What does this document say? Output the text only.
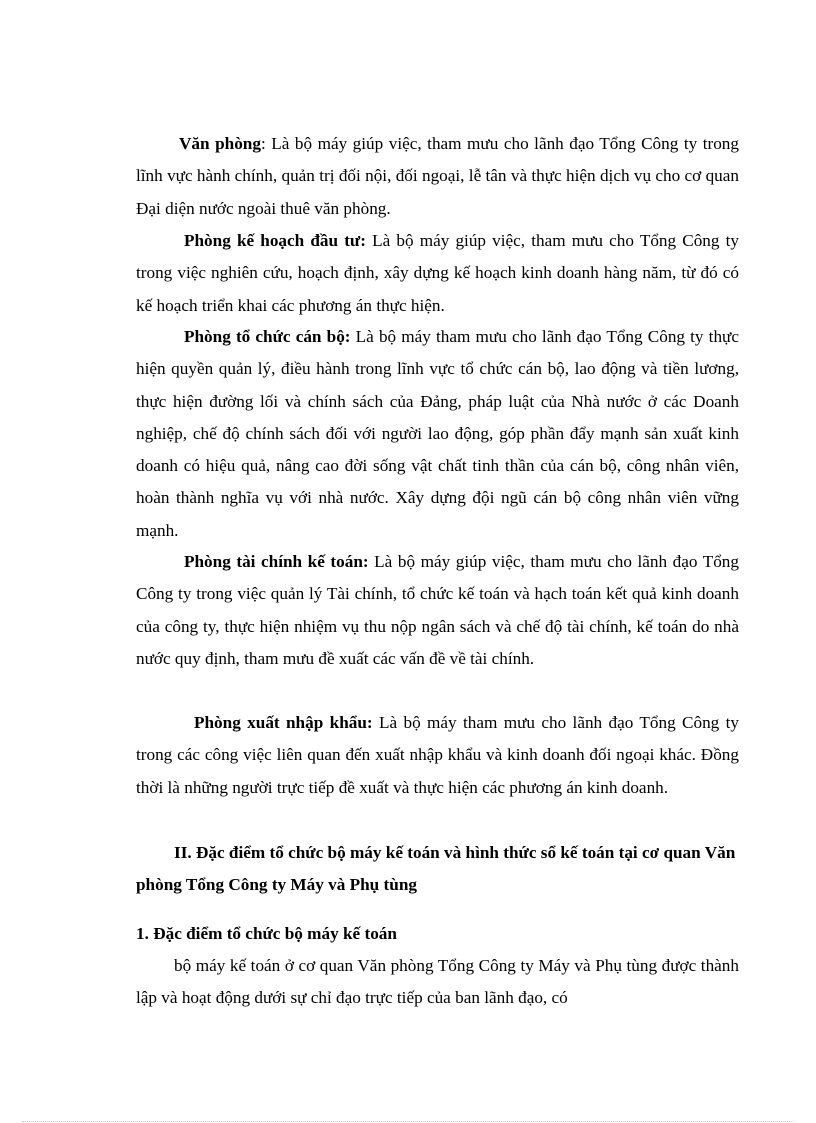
Văn phòng: Là bộ máy giúp việc, tham mưu cho lãnh đạo Tổng Công ty trong lĩnh vực hành chính, quản trị đối nội, đối ngoại, lễ tân và thực hiện dịch vụ cho cơ quan Đại diện nước ngoài thuê văn phòng.

Phòng kế hoạch đầu tư: Là bộ máy giúp việc, tham mưu cho Tổng Công ty trong việc nghiên cứu, hoạch định, xây dựng kế hoạch kinh doanh hàng năm, từ đó có kế hoạch triển khai các phương án thực hiện.

Phòng tổ chức cán bộ: Là bộ máy tham mưu cho lãnh đạo Tổng Công ty thực hiện quyền quản lý, điều hành trong lĩnh vực tổ chức cán bộ, lao động và tiền lương, thực hiện đường lối và chính sách của Đảng, pháp luật của Nhà nước ở các Doanh nghiệp, chế độ chính sách đối với người lao động, góp phần đẩy mạnh sản xuất kinh doanh có hiệu quả, nâng cao đời sống vật chất tinh thần của cán bộ, công nhân viên, hoàn thành nghĩa vụ với nhà nước. Xây dựng đội ngũ cán bộ công nhân viên vững mạnh.

Phòng tài chính kế toán: Là bộ máy giúp việc, tham mưu cho lãnh đạo Tổng Công ty trong việc quản lý Tài chính, tổ chức kế toán và hạch toán kết quả kinh doanh của công ty, thực hiện nhiệm vụ thu nộp ngân sách và chế độ tài chính, kế toán do nhà nước quy định, tham mưu đề xuất các vấn đề về tài chính.

Phòng xuất nhập khẩu: Là bộ máy tham mưu cho lãnh đạo Tổng Công ty trong các công việc liên quan đến xuất nhập khẩu và kinh doanh đối ngoại khác. Đồng thời là những người trực tiếp đề xuất và thực hiện các phương án kinh doanh.

II. Đặc điểm tổ chức bộ máy kế toán và hình thức sổ kế toán tại cơ quan Văn phòng Tổng Công ty Máy và Phụ tùng

1. Đặc điểm tổ chức bộ máy kế toán

bộ máy kế toán ở cơ quan Văn phòng Tổng Công ty Máy và Phụ tùng được thành lập và hoạt động dưới sự chỉ đạo trực tiếp của ban lãnh đạo, có
